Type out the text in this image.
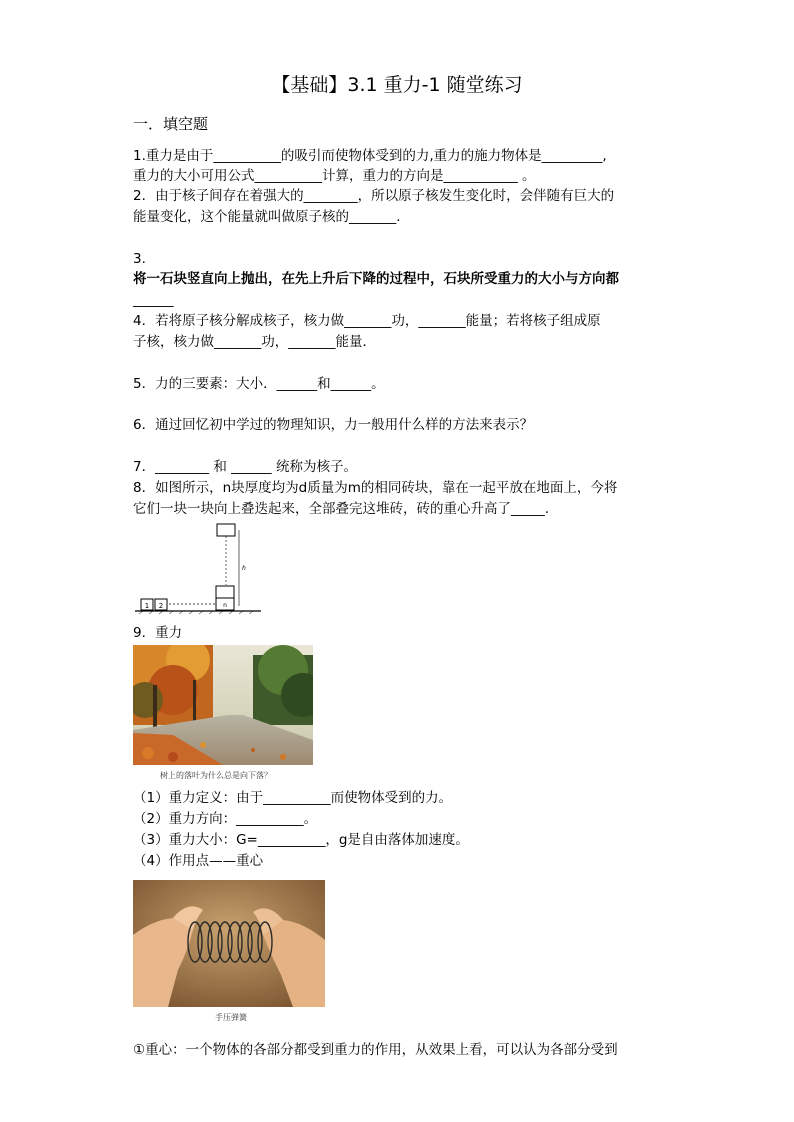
【基础】3.1 重力-1 随堂练习
一．填空题
1.重力是由于__________的吸引而使物体受到的力,重力的施力物体是_________,
重力的大小可用公式__________计算，重力的方向是___________ 。
2．由于核子间存在着强大的________，所以原子核发生变化时，会伴随有巨大的
能量变化，这个能量就叫做原子核的_______.
3.
将一石块竖直向上抛出，在先上升后下降的过程中，石块所受重力的大小与方向都
______
4．若将原子核分解成核子，核力做_______功，_______能量；若将核子组成原
子核，核力做_______功，_______能量．
5．力的三要素：大小．______和______。
6．通过回忆初中学过的物理知识，力一般用什么样的方法来表示？
7．________ 和 ______ 统称为核子。
8．如图所示，n块厚度均为d质量为m的相同砖块，靠在一起平放在地面上，今将
它们一块一块向上叠迭起来，全部叠完这堆砖，砖的重心升高了_____.
1 2	n
h
9．重力
树上的落叶为什么总是向下落？
（1）重力定义：由于__________而使物体受到的力。
（2）重力方向：__________。
（3）重力大小：G=__________，g是自由落体加速度。
（4）作用点——重心
手压弹簧
①重心：一个物体的各部分都受到重力的作用，从效果上看，可以认为各部分受到
